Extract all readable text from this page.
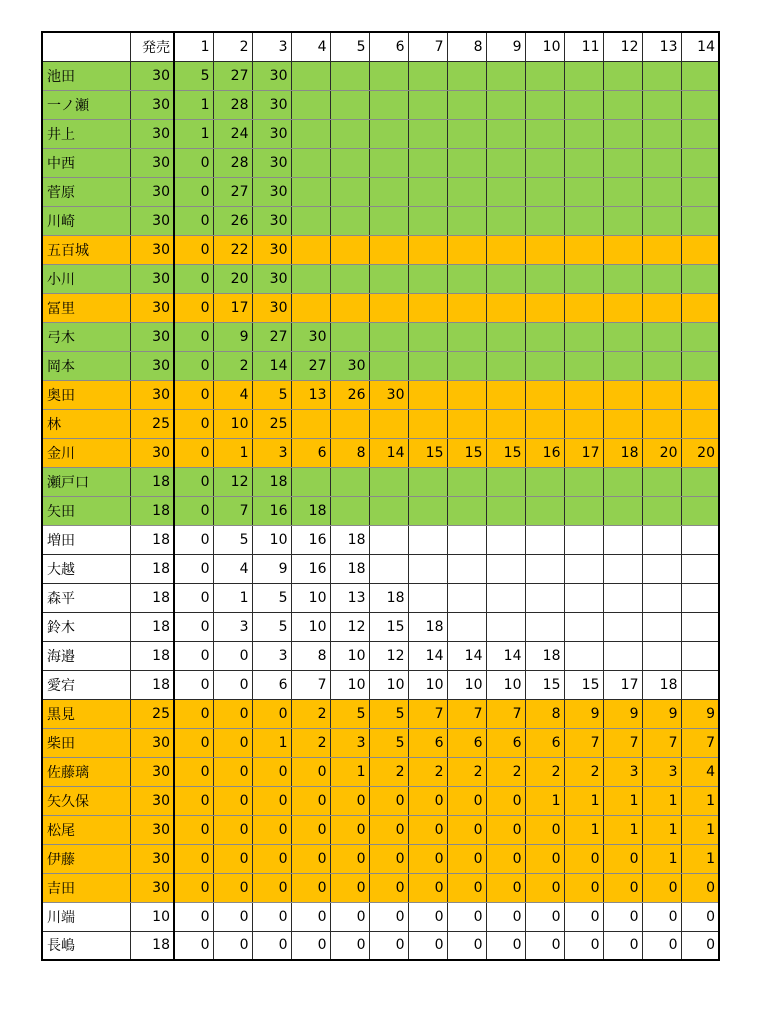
	発売	1	2	3	4	5	6	7	8	9	10	11	12	13	14
池田	30	5	27	30											
一ノ瀬	30	1	28	30											
井上	30	1	24	30											
中西	30	0	28	30											
菅原	30	0	27	30											
川崎	30	0	26	30											
五百城	30	0	22	30											
小川	30	0	20	30											
冨里	30	0	17	30											
弓木	30	0	9	27	30										
岡本	30	0	2	14	27	30									
奥田	30	0	4	5	13	26	30								
林	25	0	10	25											
金川	30	0	1	3	6	8	14	15	15	15	16	17	18	20	20
瀬戸口	18	0	12	18											
矢田	18	0	7	16	18										
増田	18	0	5	10	16	18									
大越	18	0	4	9	16	18									
森平	18	0	1	5	10	13	18								
鈴木	18	0	3	5	10	12	15	18							
海邉	18	0	0	3	8	10	12	14	14	14	18				
愛宕	18	0	0	6	7	10	10	10	10	10	15	15	17	18	
黒見	25	0	0	0	2	5	5	7	7	7	8	9	9	9	9
柴田	30	0	0	1	2	3	5	6	6	6	6	7	7	7	7
佐藤璃	30	0	0	0	0	1	2	2	2	2	2	2	3	3	4
矢久保	30	0	0	0	0	0	0	0	0	0	1	1	1	1	1
松尾	30	0	0	0	0	0	0	0	0	0	0	1	1	1	1
伊藤	30	0	0	0	0	0	0	0	0	0	0	0	0	1	1
吉田	30	0	0	0	0	0	0	0	0	0	0	0	0	0	0
川端	10	0	0	0	0	0	0	0	0	0	0	0	0	0	0
長嶋	18	0	0	0	0	0	0	0	0	0	0	0	0	0	0
